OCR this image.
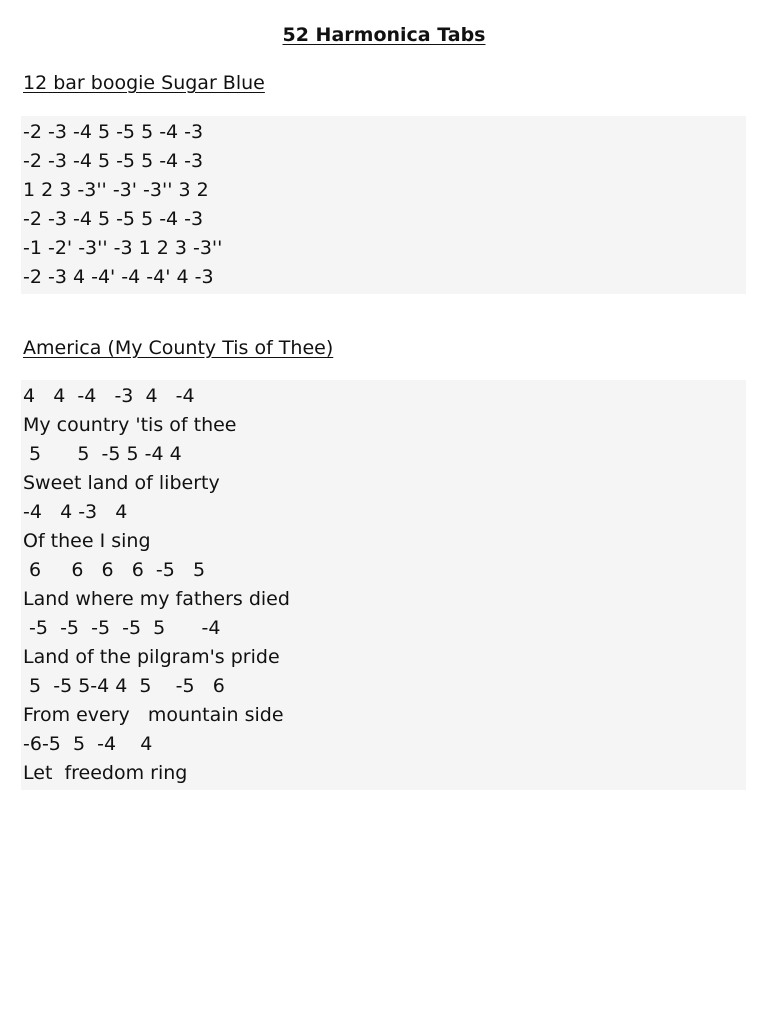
52 Harmonica Tabs
12 bar boogie Sugar Blue
-2 -3 -4 5 -5 5 -4 -3
-2 -3 -4 5 -5 5 -4 -3
1 2 3 -3'' -3' -3'' 3 2
-2 -3 -4 5 -5 5 -4 -3
-1 -2' -3'' -3 1 2 3 -3''
-2 -3 4 -4' -4 -4' 4 -3
America (My County Tis of Thee)
4   4  -4   -3  4   -4
My country 'tis of thee
5      5  -5 5 -4 4
Sweet land of liberty
-4   4 -3   4
Of thee I sing
6     6   6   6  -5   5
Land where my fathers died
-5  -5  -5  -5  5      -4
Land of the pilgram's pride
5  -5 5-4 4  5    -5   6
From every   mountain side
-6-5  5  -4    4
Let  freedom ring
